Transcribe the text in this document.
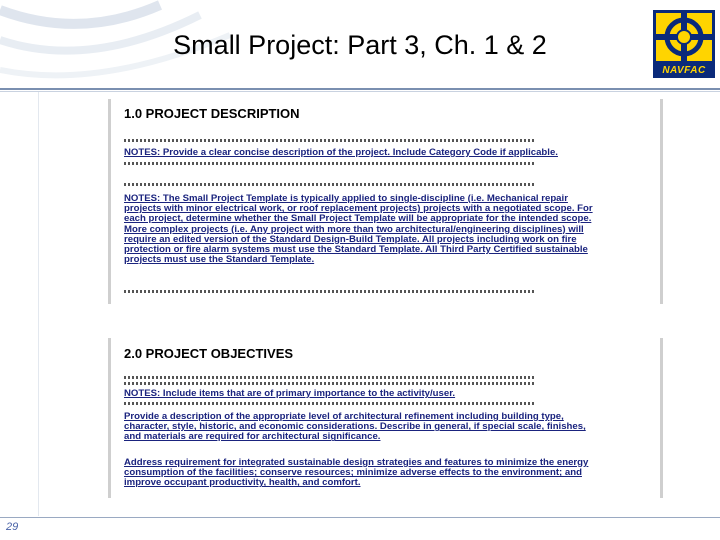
Small Project: Part 3, Ch. 1 & 2
NAVFAC
1.0 PROJECT DESCRIPTION
NOTES: Provide a clear concise description of the project. Include Category Code if applicable.
NOTES: The Small Project Template is typically applied to single-discipline (i.e. Mechanical repair projects with minor electrical work, or roof replacement projects) projects with a negotiated scope. For each project, determine whether the Small Project Template will be appropriate for the intended scope. More complex projects (i.e. Any project with more than two architectural/engineering disciplines) will require an edited version of the Standard Design-Build Template. All projects including work on fire protection or fire alarm systems must use the Standard Template. All Third Party Certified sustainable projects must use the Standard Template.
2.0 PROJECT OBJECTIVES
NOTES: Include items that are of primary importance to the activity/user.
Provide a description of the appropriate level of architectural refinement including building type, character, style, historic, and economic considerations. Describe in general, if special scale, finishes, and materials are required for architectural significance.
Address requirement for integrated sustainable design strategies and features to minimize the energy consumption of the facilities; conserve resources; minimize adverse effects to the environment; and improve occupant productivity, health, and comfort.
29
